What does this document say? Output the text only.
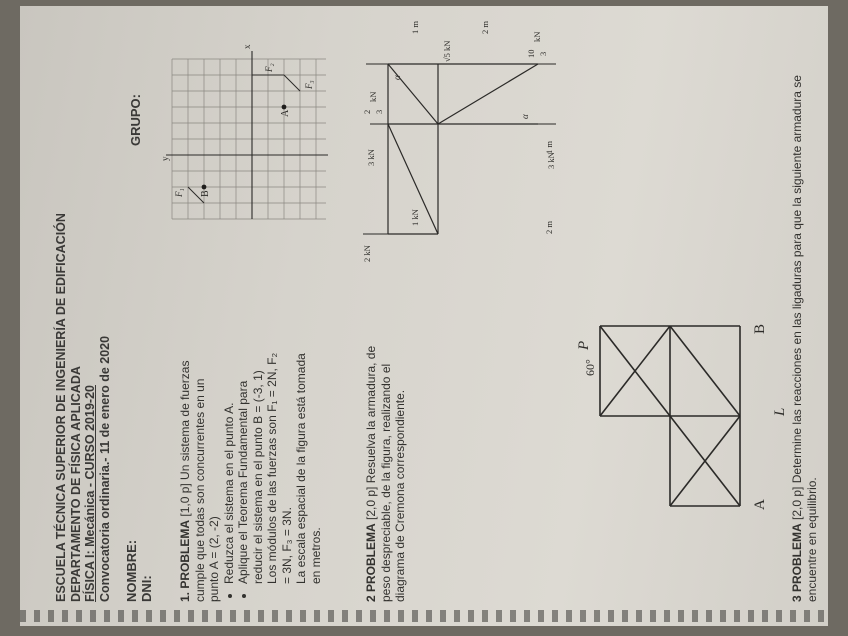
ESCUELA TÉCNICA SUPERIOR DE INGENIERÍA DE EDIFICACIÓN DEPARTAMENTO DE FÍSICA APLICADA FÍSICA I: Mecánica - CURSO 2019-20 Convocatoria ordinaria.- 11 de enero de 2020 NOMBRE: DNI:
GRUPO:
1. PROBLEMA [1,0 p] Un sistema de fuerzas cumple que todas son concurrentes en un punto A = (2, -2) • Reduzca el sistema en el punto A. • Aplique el Teorema Fundamental para reducir el sistema en el punto B = (-3, 1) Los módulos de las fuerzas son F₁ = 2N, F₂ = 3N, F₃ = 3N. La escala espacial de la figura está tomada en metros.
x
y
A
B
F₁
F₂
F₃
2 PROBLEMA [2,0 p] Resuelva la armadura, de peso despreciable, de la figura, realizando el diagrama de Cremona correspondiente.
2 kN
1 kN
3 kN	3 kN
2 3
kN
10 3
kN
√5 kN
α
α
2 m
1 m
1 m	2 m
A
B
P
60°
L
3 PROBLEMA [2,0 p] Determine las reacciones en las ligaduras para que la siguiente armadura se encuentre en equilibrio.
